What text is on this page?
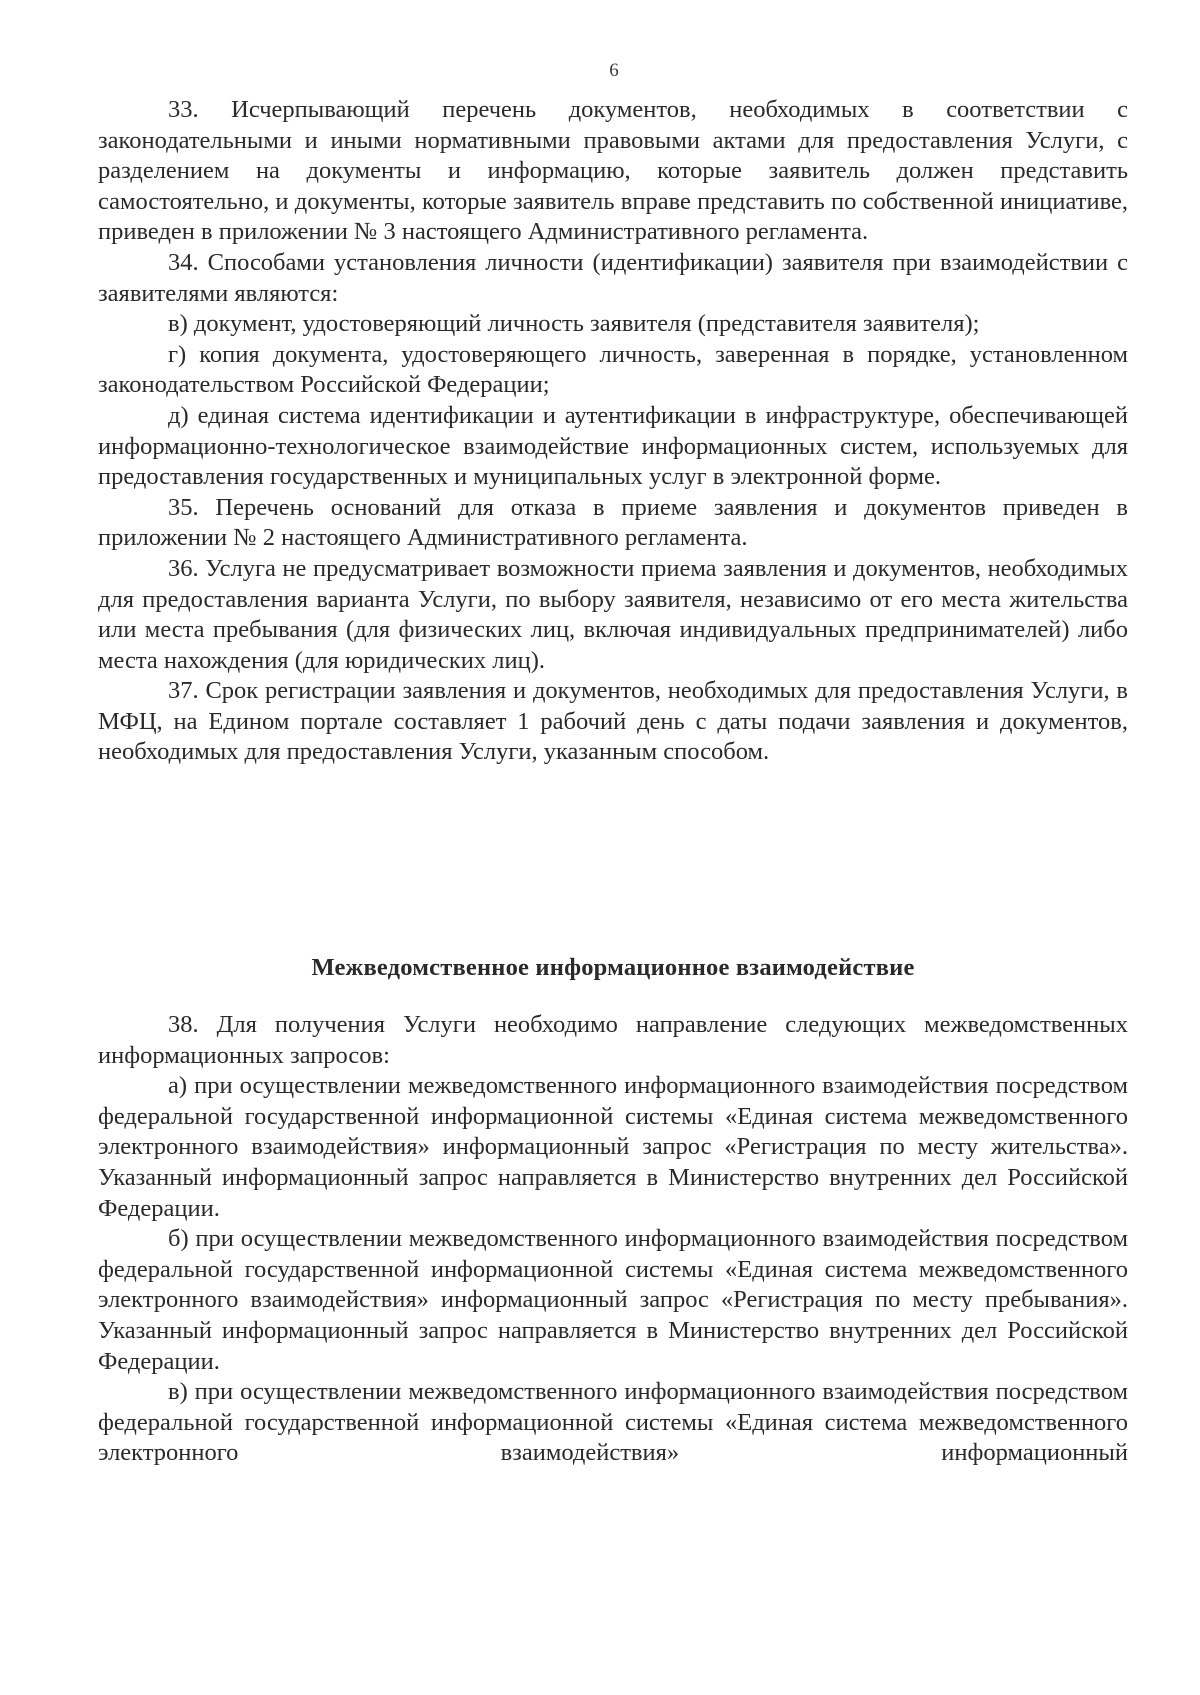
6

33. Исчерпывающий перечень документов, необходимых в соответствии с законодательными и иными нормативными правовыми актами для предоставления Услуги, с разделением на документы и информацию, которые заявитель должен представить самостоятельно, и документы, которые заявитель вправе представить по собственной инициативе, приведен в приложении № 3 настоящего Административного регламента.

34. Способами установления личности (идентификации) заявителя при взаимодействии с заявителями являются:

в) документ, удостоверяющий личность заявителя (представителя заявителя);

г) копия документа, удостоверяющего личность, заверенная в порядке, установленном законодательством Российской Федерации;

д) единая система идентификации и аутентификации в инфраструктуре, обеспечивающей информационно-технологическое взаимодействие информационных систем, используемых для предоставления государственных и муниципальных услуг в электронной форме.

35. Перечень оснований для отказа в приеме заявления и документов приведен в приложении № 2 настоящего Административного регламента.

36. Услуга не предусматривает возможности приема заявления и документов, необходимых для предоставления варианта Услуги, по выбору заявителя, независимо от его места жительства или места пребывания (для физических лиц, включая индивидуальных предпринимателей) либо места нахождения (для юридических лиц).

37. Срок регистрации заявления и документов, необходимых для предоставления Услуги, в МФЦ, на Едином портале составляет 1 рабочий день с даты подачи заявления и документов, необходимых для предоставления Услуги, указанным способом.

Межведомственное информационное взаимодействие

38. Для получения Услуги необходимо направление следующих межведомственных информационных запросов:

а) при осуществлении межведомственного информационного взаимодействия посредством федеральной государственной информационной системы «Единая система межведомственного электронного взаимодействия» информационный запрос «Регистрация по месту жительства». Указанный информационный запрос направляется в Министерство внутренних дел Российской Федерации.

б) при осуществлении межведомственного информационного взаимодействия посредством федеральной государственной информационной системы «Единая система межведомственного электронного взаимодействия» информационный запрос «Регистрация по месту пребывания». Указанный информационный запрос направляется в Министерство внутренних дел Российской Федерации.

в) при осуществлении межведомственного информационного взаимодействия посредством федеральной государственной информационной системы «Единая система межведомственного электронного взаимодействия» информационный
